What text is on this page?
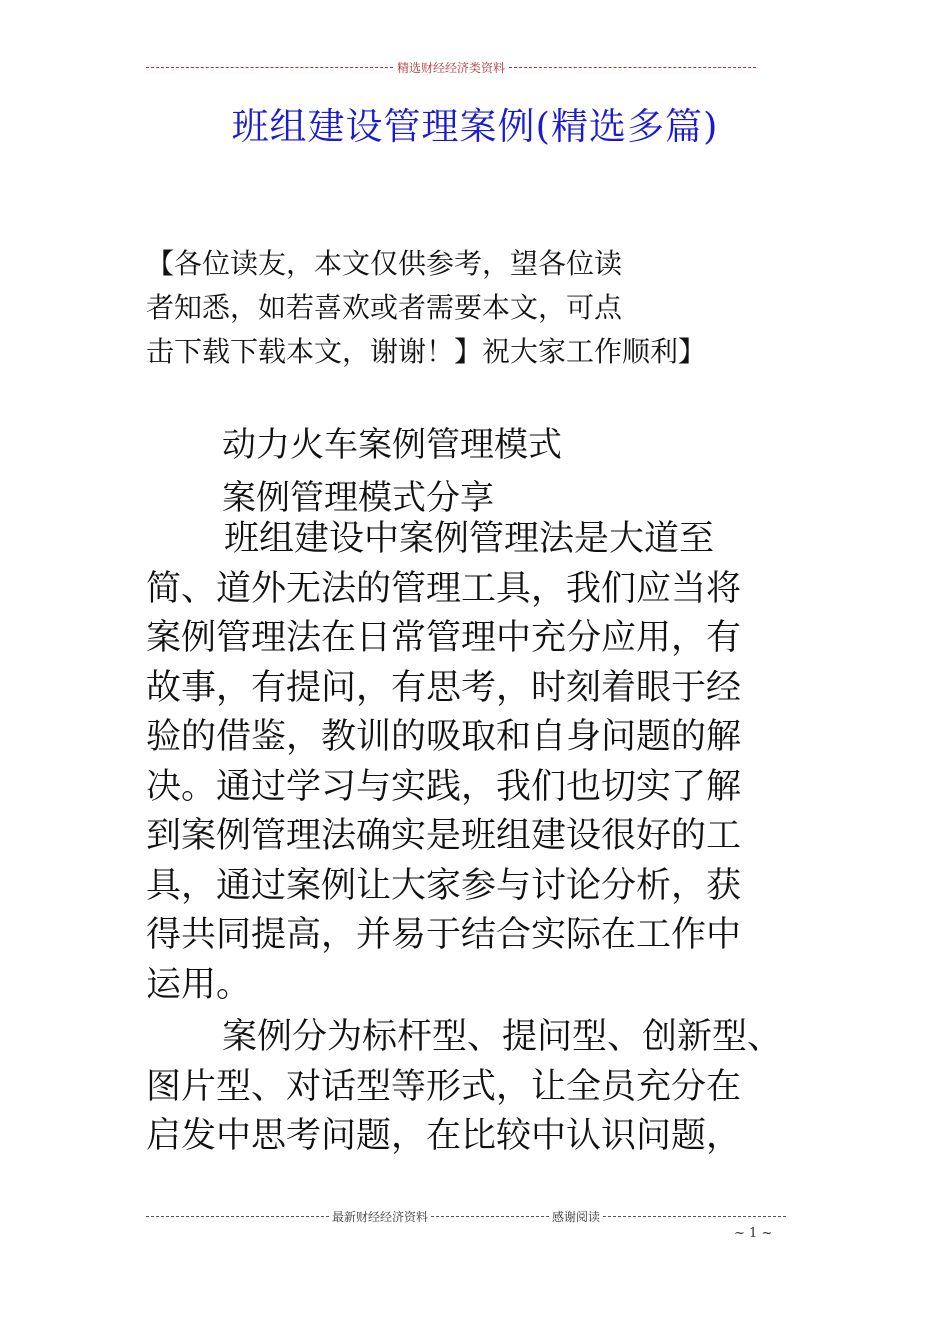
精选财经经济类资料
班组建设管理案例(精选多篇)
【各位读友，本文仅供参考，望各位读
者知悉，如若喜欢或者需要本文，可点
击下载下载本文，谢谢！】祝大家工作顺利】
动力火车案例管理模式
案例管理模式分享
班组建设中案例管理法是大道至
简、道外无法的管理工具，我们应当将
案例管理法在日常管理中充分应用，有
故事，有提问，有思考，时刻着眼于经
验的借鉴，教训的吸取和自身问题的解
决。通过学习与实践，我们也切实了解
到案例管理法确实是班组建设很好的工
具，通过案例让大家参与讨论分析，获
得共同提高，并易于结合实际在工作中
运用。
案例分为标杆型、提问型、创新型、
图片型、对话型等形式，让全员充分在
启发中思考问题，在比较中认识问题，
最新财经经济资料	感谢阅读
~ 1 ~
